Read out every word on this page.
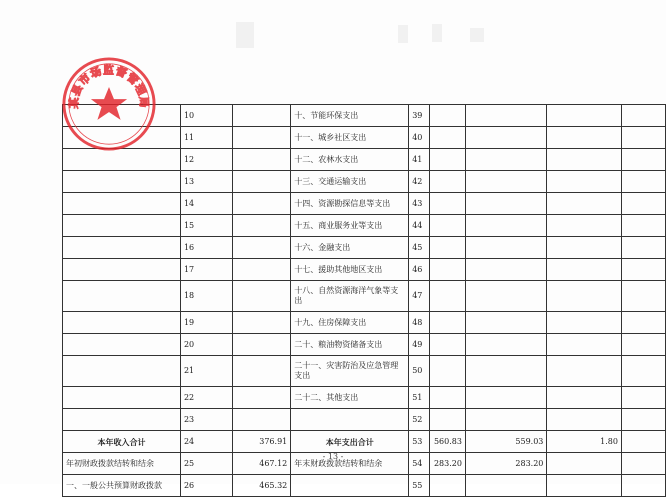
	10		十、节能环保支出	39				
	11		十一、城乡社区支出	40				
	12		十二、农林水支出	41				
	13		十三、交通运输支出	42				
	14		十四、资源勘探信息等支出	43				
	15		十五、商业服务业等支出	44				
	16		十六、金融支出	45				
	17		十七、援助其他地区支出	46				
	18		十八、自然资源海洋气象等支出	47				
	19		十九、住房保障支出	48				
	20		二十、粮油物资储备支出	49				
	21		二十一、灾害防治及应急管理支出	50				
	22		二十二、其他支出	51				
	23			52				
本年收入合计	24	376.91	本年支出合计	53	560.83	559.03	1.80	
年初财政拨款结转和结余	25	467.12	年末财政拨款结转和结余	54	283.20	283.20		
一、一般公共预算财政拨款	26	465.32		55				
某县市场监督管理局
- 13 -
